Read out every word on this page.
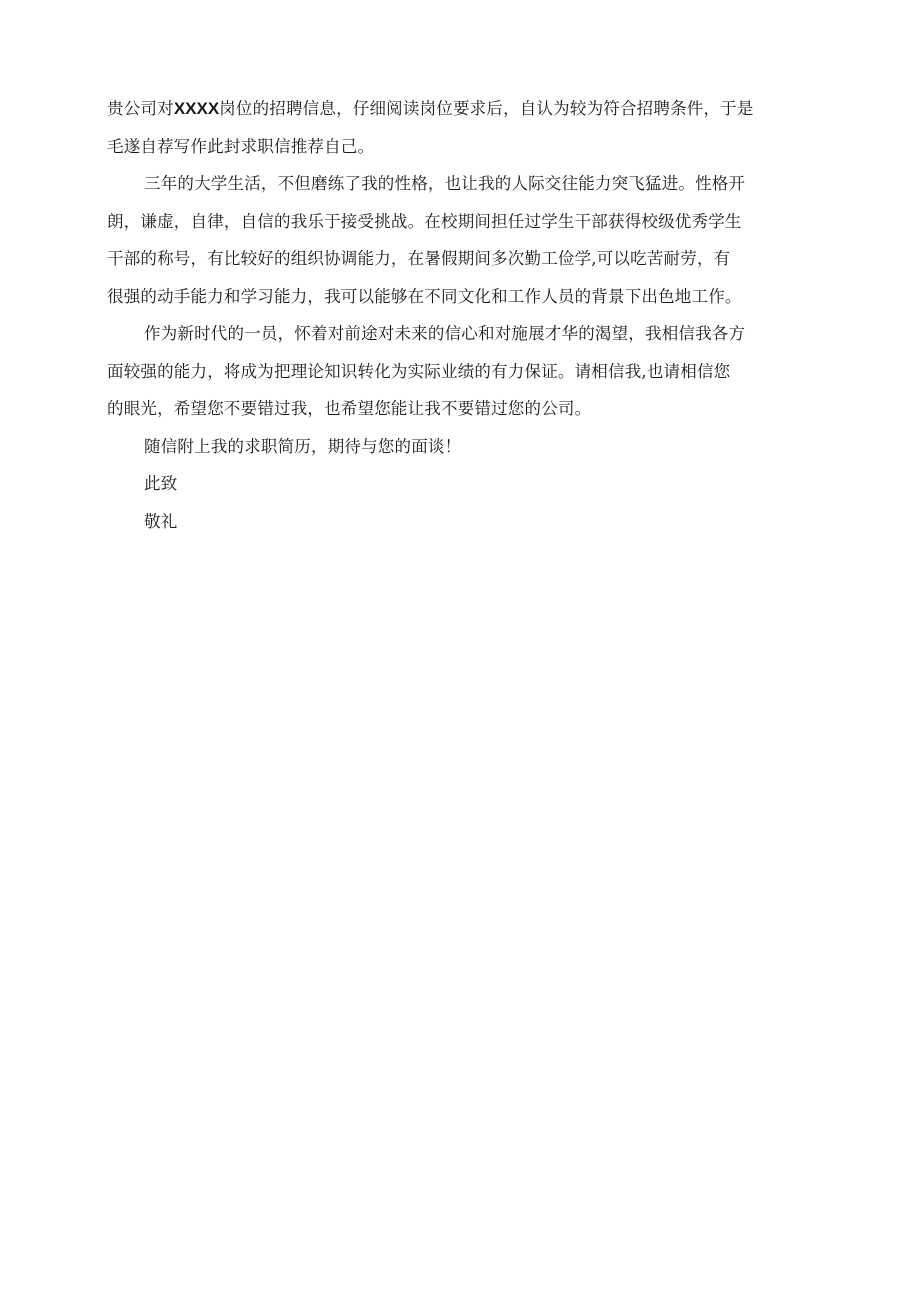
贵公司对XXXX岗位的招聘信息，仔细阅读岗位要求后，自认为较为符合招聘条件，于是
毛遂自荐写作此封求职信推荐自己。

三年的大学生活，不但磨练了我的性格，也让我的人际交往能力突飞猛进。性格开
朗，谦虚，自律，自信的我乐于接受挑战。在校期间担任过学生干部获得校级优秀学生
干部的称号，有比较好的组织协调能力，在暑假期间多次勤工俭学,可以吃苦耐劳，有
很强的动手能力和学习能力，我可以能够在不同文化和工作人员的背景下出色地工作。

作为新时代的一员，怀着对前途对未来的信心和对施展才华的渴望，我相信我各方
面较强的能力，将成为把理论知识转化为实际业绩的有力保证。请相信我,也请相信您
的眼光，希望您不要错过我，也希望您能让我不要错过您的公司。

随信附上我的求职简历，期待与您的面谈！

此致

敬礼
